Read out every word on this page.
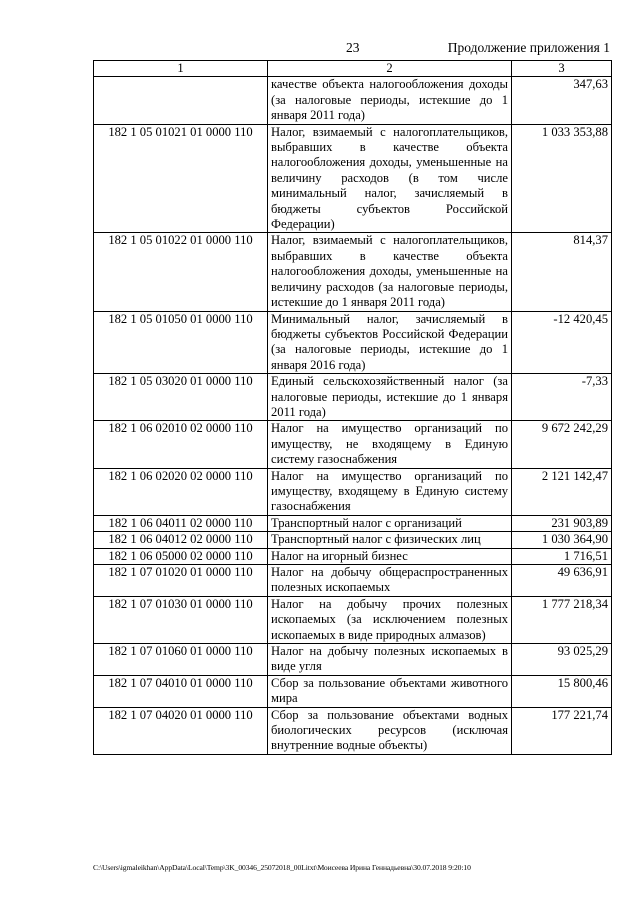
23	Продолжение приложения 1
1	2	3
	качестве объекта налогообложения доходы (за налоговые периоды, истекшие до 1 января 2011 года)	347,63
182 1 05 01021 01 0000 110	Налог, взимаемый с налогоплательщиков, выбравших в качестве объекта налогообложения доходы, уменьшенные на величину расходов (в том числе минимальный налог, зачисляемый в бюджеты субъектов Российской Федерации)	1 033 353,88
182 1 05 01022 01 0000 110	Налог, взимаемый с налогоплательщиков, выбравших в качестве объекта налогообложения доходы, уменьшенные на величину расходов (за налоговые периоды, истекшие до 1 января 2011 года)	814,37
182 1 05 01050 01 0000 110	Минимальный налог, зачисляемый в бюджеты субъектов Российской Федерации (за налоговые периоды, истекшие до 1 января 2016 года)	-12 420,45
182 1 05 03020 01 0000 110	Единый сельскохозяйственный налог (за налоговые периоды, истекшие до 1 января 2011 года)	-7,33
182 1 06 02010 02 0000 110	Налог на имущество организаций по имуществу, не входящему в Единую систему газоснабжения	9 672 242,29
182 1 06 02020 02 0000 110	Налог на имущество организаций по имуществу, входящему в Единую систему газоснабжения	2 121 142,47
182 1 06 04011 02 0000 110	Транспортный налог с организаций	231 903,89
182 1 06 04012 02 0000 110	Транспортный налог с физических лиц	1 030 364,90
182 1 06 05000 02 0000 110	Налог на игорный бизнес	1 716,51
182 1 07 01020 01 0000 110	Налог на добычу общераспространенных полезных ископаемых	49 636,91
182 1 07 01030 01 0000 110	Налог на добычу прочих полезных ископаемых (за исключением полезных ископаемых в виде природных алмазов)	1 777 218,34
182 1 07 01060 01 0000 110	Налог на добычу полезных ископаемых в виде угля	93 025,29
182 1 07 04010 01 0000 110	Сбор за пользование объектами животного мира	15 800,46
182 1 07 04020 01 0000 110	Сбор за пользование объектами водных биологических ресурсов (исключая внутренние водные объекты)	177 221,74
C:\Users\igmaleikhan\AppData\Local\Temp\3K_00346_25072018_00Litxt\Моисеева Ирина Геннадьевна\30.07.2018 9:20:10
